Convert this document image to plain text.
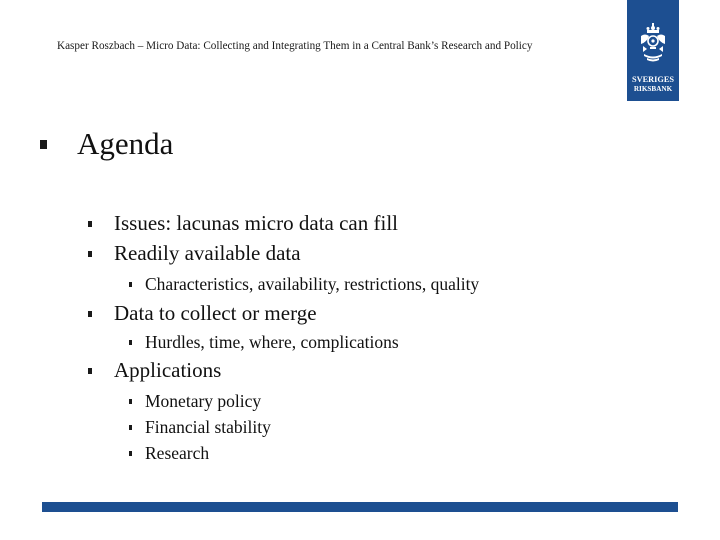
Kasper Roszbach – Micro Data: Collecting and Integrating Them in a Central Bank’s Research and Policy
SVERIGES
RIKSBANK
Agenda
Issues: lacunas micro data can fill
Readily available data
Characteristics, availability, restrictions, quality
Data to collect or merge
Hurdles, time, where, complications
Applications
Monetary policy
Financial stability
Research
